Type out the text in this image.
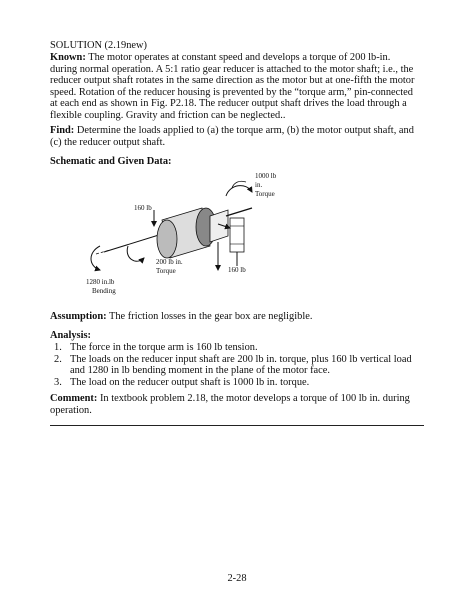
SOLUTION (2.19new)

Known: The motor operates at constant speed and develops a torque of 200 lb-in.
during normal operation. A 5:1 ratio gear reducer is attached to the motor shaft; i.e., the
reducer output shaft rotates in the same direction as the motor but at one-fifth the motor
speed. Rotation of the reducer housing is prevented by the “torque arm,” pin-connected
at each end as shown in Fig. P2.18. The reducer output shaft drives the load through a
flexible coupling. Gravity and friction can be neglected..
Find: Determine the loads applied to (a) the torque arm, (b) the motor output shaft, and
(c) the reducer output shaft.

Schematic and Given Data:

1000 lb
in.
Torque
160 lb
200 lb in.
Torque	160 lb
1280 in.lb
Bending
Assumption: The friction losses in the gear box are negligible.

Analysis:

1. The force in the torque arm is 160 lb tension.
2. The loads on the reducer input shaft are 200 lb in. torque, plus 160 lb vertical load
and 1280 in lb bending moment in the plane of the motor face.
3. The load on the reducer output shaft is 1000 lb in. torque.
Comment: In textbook problem 2.18, the motor develops a torque of 100 lb in. during
operation.
2-28
